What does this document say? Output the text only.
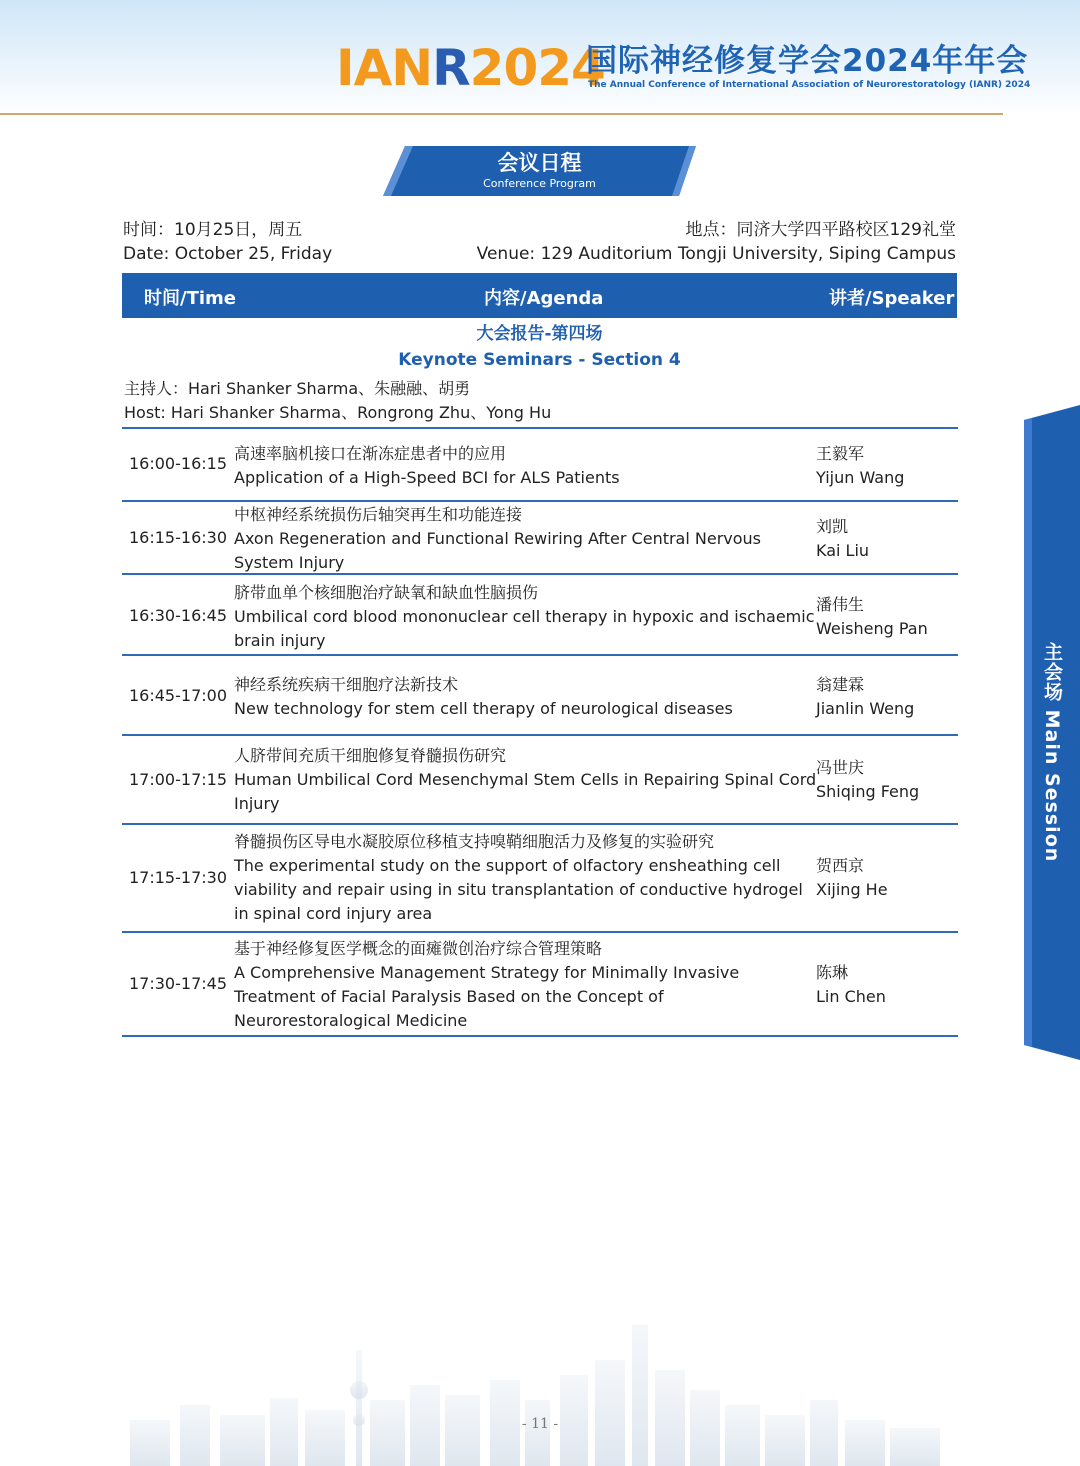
IANR2024
国际神经修复学会2024年年会
The Annual Conference of International Association of Neurorestoratology (IANR) 2024
会议日程
Conference Program
时间：10月25日，周五
Date: October 25, Friday
地点：同济大学四平路校区129礼堂
Venue: 129 Auditorium Tongji University, Siping Campus
时间/Time	内容/Agenda	讲者/Speaker
大会报告-第四场
Keynote Seminars - Section 4
主持人：Hari Shanker Sharma、朱融融、胡勇
Host: Hari Shanker Sharma、Rongrong Zhu、Yong Hu
16:00-16:15
高速率脑机接口在渐冻症患者中的应用
Application of a High-Speed BCI for ALS Patients
王毅军
Yijun Wang
16:15-16:30
中枢神经系统损伤后轴突再生和功能连接
Axon Regeneration and Functional Rewiring After Central Nervous
System Injury
刘凯
Kai Liu
16:30-16:45
脐带血单个核细胞治疗缺氧和缺血性脑损伤
Umbilical cord blood mononuclear cell therapy in hypoxic and ischaemic
brain injury
潘伟生
Weisheng Pan
16:45-17:00
神经系统疾病干细胞疗法新技术
New technology for stem cell therapy of neurological diseases
翁建霖
Jianlin Weng
17:00-17:15
人脐带间充质干细胞修复脊髓损伤研究
Human Umbilical Cord Mesenchymal Stem Cells in Repairing Spinal Cord
Injury
冯世庆
Shiqing Feng
17:15-17:30
脊髓损伤区导电水凝胶原位移植支持嗅鞘细胞活力及修复的实验研究
The experimental study on the support of olfactory ensheathing cell
viability and repair using in situ transplantation of conductive hydrogel
in spinal cord injury area
贺西京
Xijing He
17:30-17:45
基于神经修复医学概念的面瘫微创治疗综合管理策略
A Comprehensive Management Strategy for Minimally Invasive
Treatment of Facial Paralysis Based on the Concept of
Neurorestoralogical Medicine
陈琳
Lin Chen
主会场 Main Session
- 11 -
